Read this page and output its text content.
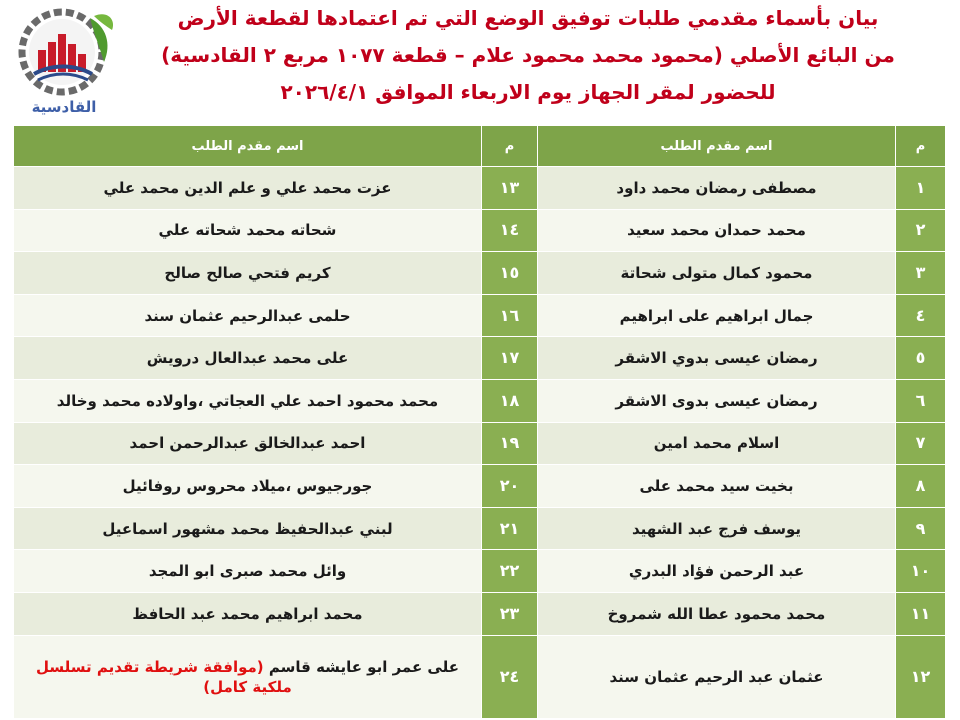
القادسية
بيان بأسماء مقدمي طلبات توفيق الوضع التي تم اعتمادها لقطعة الأرض
من البائع الأصلي (محمود محمد محمود علام – قطعة ١٠٧٧ مربع ٢ القادسية)
للحضور لمقر الجهاز يوم الاربعاء الموافق ٢٠٢٦/٤/١
م	اسم مقدم الطلب	م	اسم مقدم الطلب
١	مصطفى رمضان محمد داود	١٣	عزت محمد علي و علم الدين محمد علي
٢	محمد حمدان محمد سعيد	١٤	شحاته محمد شحاته علي
٣	محمود كمال متولى شحاتة	١٥	كريم فتحي صالح صالح
٤	جمال ابراهيم على ابراهيم	١٦	حلمى عبدالرحيم عثمان سند
٥	رمضان عيسى بدوي الاشقر	١٧	على محمد عبدالعال درويش
٦	رمضان عيسى بدوى الاشقر	١٨	محمد محمود احمد علي العجاتي ،واولاده محمد وخالد
٧	اسلام محمد امين	١٩	احمد عبدالخالق عبدالرحمن احمد
٨	بخيت سيد محمد على	٢٠	جورجيوس ،ميلاد محروس روفائيل
٩	يوسف فرج عبد الشهيد	٢١	لبني عبدالحفيظ محمد مشهور اسماعيل
١٠	عبد الرحمن فؤاد البدري	٢٢	وائل محمد صبرى ابو المجد
١١	محمد محمود عطا الله شمروخ	٢٣	محمد ابراهيم محمد عبد الحافظ
١٢	عثمان عبد الرحيم عثمان سند	٢٤	على عمر ابو عايشه قاسم (موافقة شريطة تقديم تسلسل ملكية كامل)
